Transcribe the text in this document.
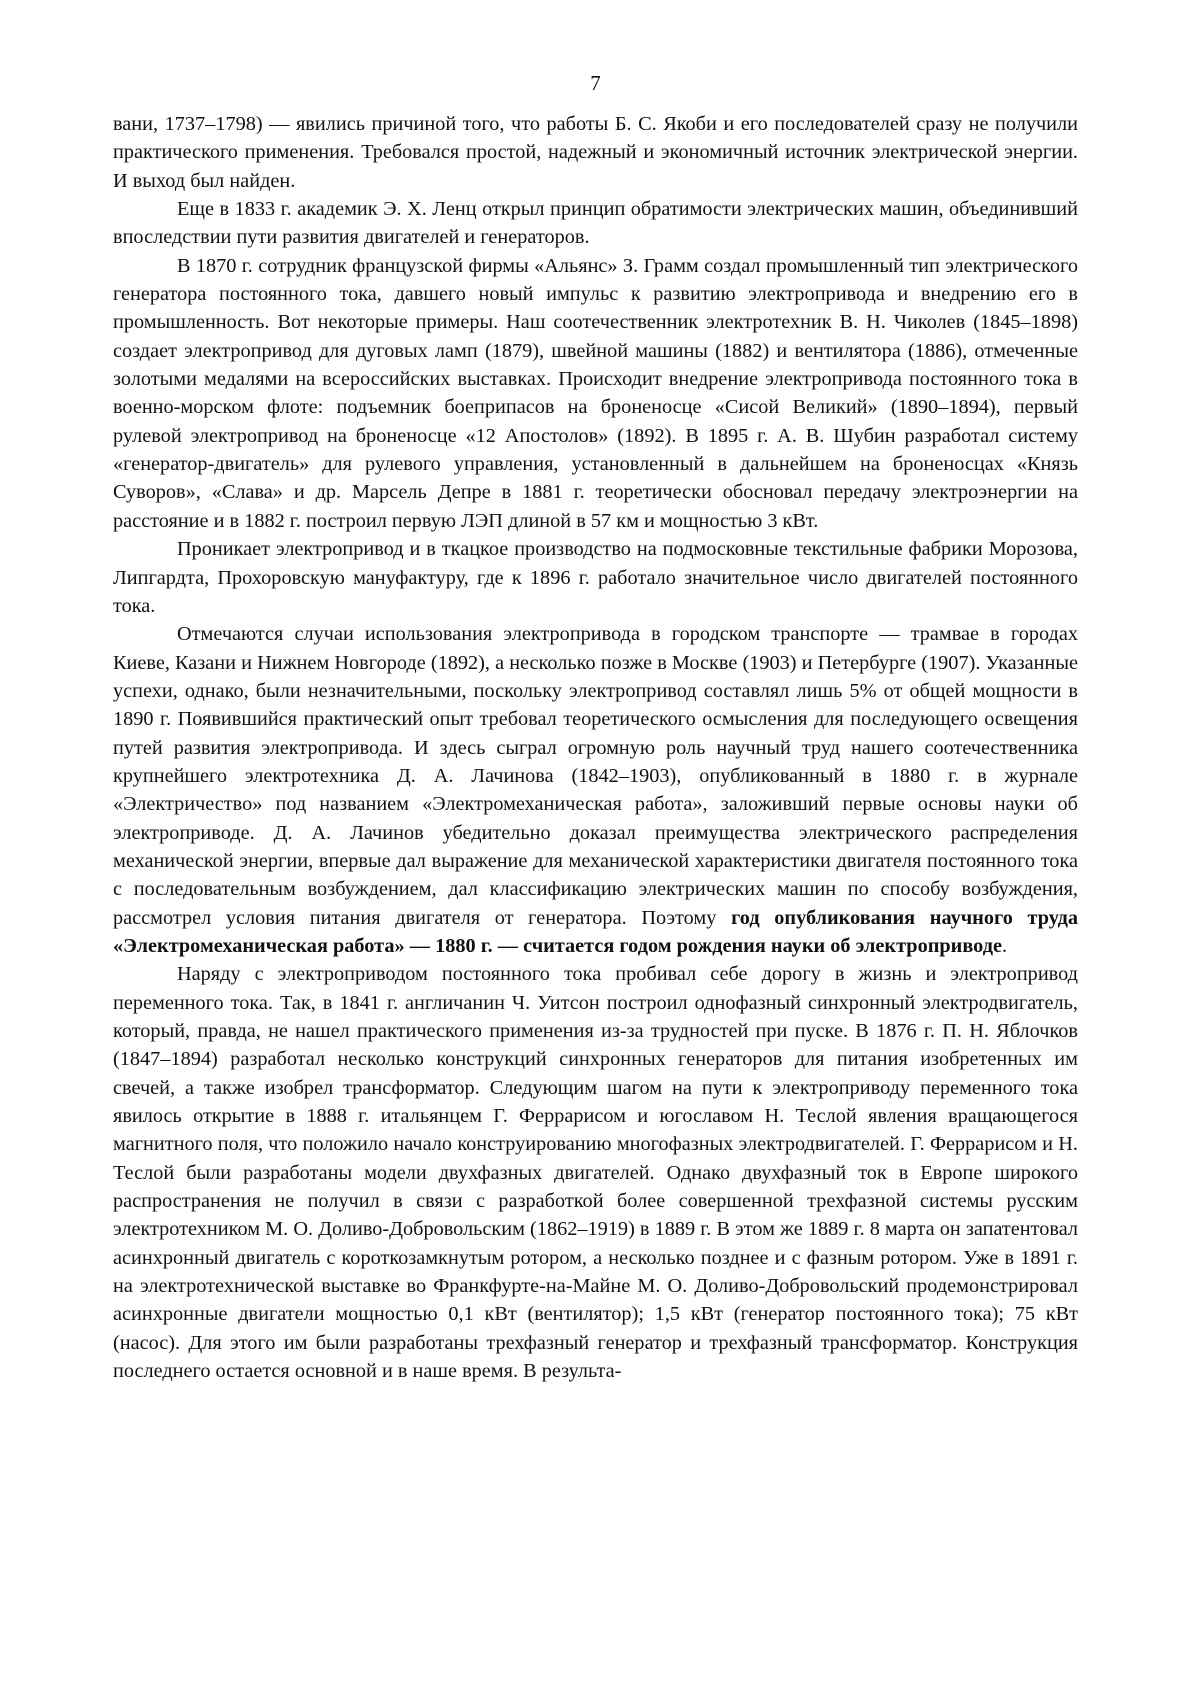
7

вани, 1737–1798) — явились причиной того, что работы Б. С. Якоби и его последователей сразу не получили практического применения. Требовался простой, надежный и экономичный источник электрической энергии. И выход был найден.

Еще в 1833 г. академик Э. Х. Ленц открыл принцип обратимости электрических машин, объединивший впоследствии пути развития двигателей и генераторов.

В 1870 г. сотрудник французской фирмы «Альянс» З. Грамм создал промышленный тип электрического генератора постоянного тока, давшего новый импульс к развитию электропривода и внедрению его в промышленность. Вот некоторые примеры. Наш соотечественник электротехник В. Н. Чиколев (1845–1898) создает электропривод для дуговых ламп (1879), швейной машины (1882) и вентилятора (1886), отмеченные золотыми медалями на всероссийских выставках. Происходит внедрение электропривода постоянного тока в военно-морском флоте: подъемник боеприпасов на броненосце «Сисой Великий» (1890–1894), первый рулевой электропривод на броненосце «12 Апостолов» (1892). В 1895 г. А. В. Шубин разработал систему «генератор-двигатель» для рулевого управления, установленный в дальнейшем на броненосцах «Князь Суворов», «Слава» и др. Марсель Депре в 1881 г. теоретически обосновал передачу электроэнергии на расстояние и в 1882 г. построил первую ЛЭП длиной в 57 км и мощностью 3 кВт.

Проникает электропривод и в ткацкое производство на подмосковные текстильные фабрики Морозова, Липгардта, Прохоровскую мануфактуру, где к 1896 г. работало значительное число двигателей постоянного тока.

Отмечаются случаи использования электропривода в городском транспорте — трамвае в городах Киеве, Казани и Нижнем Новгороде (1892), а несколько позже в Москве (1903) и Петербурге (1907). Указанные успехи, однако, были незначительными, поскольку электропривод составлял лишь 5% от общей мощности в 1890 г. Появившийся практический опыт требовал теоретического осмысления для последующего освещения путей развития электропривода. И здесь сыграл огромную роль научный труд нашего соотечественника крупнейшего электротехника Д. А. Лачинова (1842–1903), опубликованный в 1880 г. в журнале «Электричество» под названием «Электромеханическая работа», заложивший первые основы науки об электроприводе. Д. А. Лачинов убедительно доказал преимущества электрического распределения механической энергии, впервые дал выражение для механической характеристики двигателя постоянного тока с последовательным возбуждением, дал классификацию электрических машин по способу возбуждения, рассмотрел условия питания двигателя от генератора. Поэтому год опубликования научного труда «Электромеханическая работа» — 1880 г. — считается годом рождения науки об электроприводе.

Наряду с электроприводом постоянного тока пробивал себе дорогу в жизнь и электропривод переменного тока. Так, в 1841 г. англичанин Ч. Уитсон построил однофазный синхронный электродвигатель, который, правда, не нашел практического применения из-за трудностей при пуске. В 1876 г. П. Н. Яблочков (1847–1894) разработал несколько конструкций синхронных генераторов для питания изобретенных им свечей, а также изобрел трансформатор. Следующим шагом на пути к электроприводу переменного тока явилось открытие в 1888 г. итальянцем Г. Феррарисом и югославом Н. Теслой явления вращающегося магнитного поля, что положило начало конструированию многофазных электродвигателей. Г. Феррарисом и Н. Теслой были разработаны модели двухфазных двигателей. Однако двухфазный ток в Европе широкого распространения не получил в связи с разработкой более совершенной трехфазной системы русским электротехником М. О. Доливо-Добровольским (1862–1919) в 1889 г. В этом же 1889 г. 8 марта он запатентовал асинхронный двигатель с короткозамкнутым ротором, а несколько позднее и с фазным ротором. Уже в 1891 г. на электротехнической выставке во Франкфурте-на-Майне М. О. Доливо-Добровольский продемонстрировал асинхронные двигатели мощностью 0,1 кВт (вентилятор); 1,5 кВт (генератор постоянного тока); 75 кВт (насос). Для этого им были разработаны трехфазный генератор и трехфазный трансформатор. Конструкция последнего остается основной и в наше время. В результа-
